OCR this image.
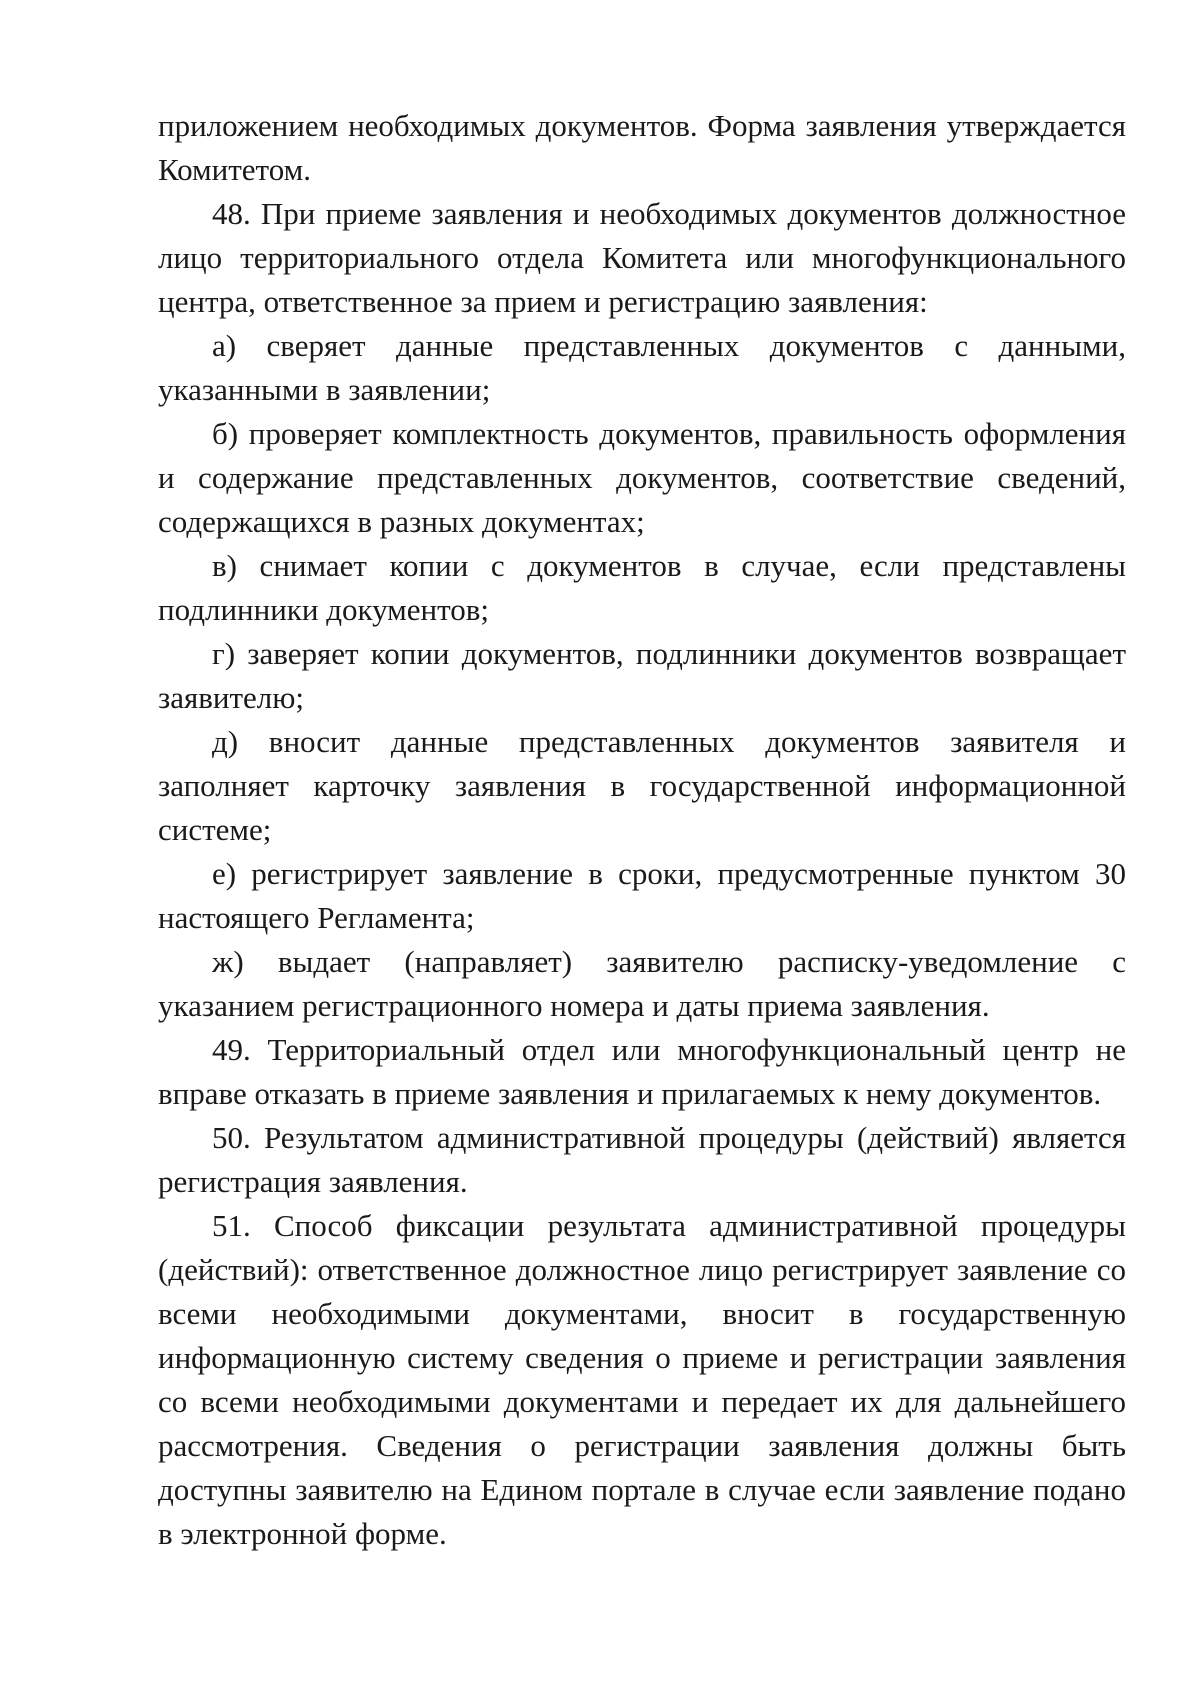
приложением необходимых документов. Форма заявления утверждается Комитетом.

48. При приеме заявления и необходимых документов должностное лицо территориального отдела Комитета или многофункционального центра, ответственное за прием и регистрацию заявления:

а) сверяет данные представленных документов с данными, указанными в заявлении;

б) проверяет комплектность документов, правильность оформления и содержание представленных документов, соответствие сведений, содержащихся в разных документах;

в) снимает копии с документов в случае, если представлены подлинники документов;

г) заверяет копии документов, подлинники документов возвращает заявителю;

д) вносит данные представленных документов заявителя и заполняет карточку заявления в государственной информационной системе;

е) регистрирует заявление в сроки, предусмотренные пунктом 30 настоящего Регламента;

ж) выдает (направляет) заявителю расписку-уведомление с указанием регистрационного номера и даты приема заявления.

49. Территориальный отдел или многофункциональный центр не вправе отказать в приеме заявления и прилагаемых к нему документов.

50. Результатом административной процедуры (действий) является регистрация заявления.

51. Способ фиксации результата административной процедуры (действий): ответственное должностное лицо регистрирует заявление со всеми необходимыми документами, вносит в государственную информационную систему сведения о приеме и регистрации заявления со всеми необходимыми документами и передает их для дальнейшего рассмотрения. Сведения о регистрации заявления должны быть доступны заявителю на Едином портале в случае если заявление подано в электронной форме.
